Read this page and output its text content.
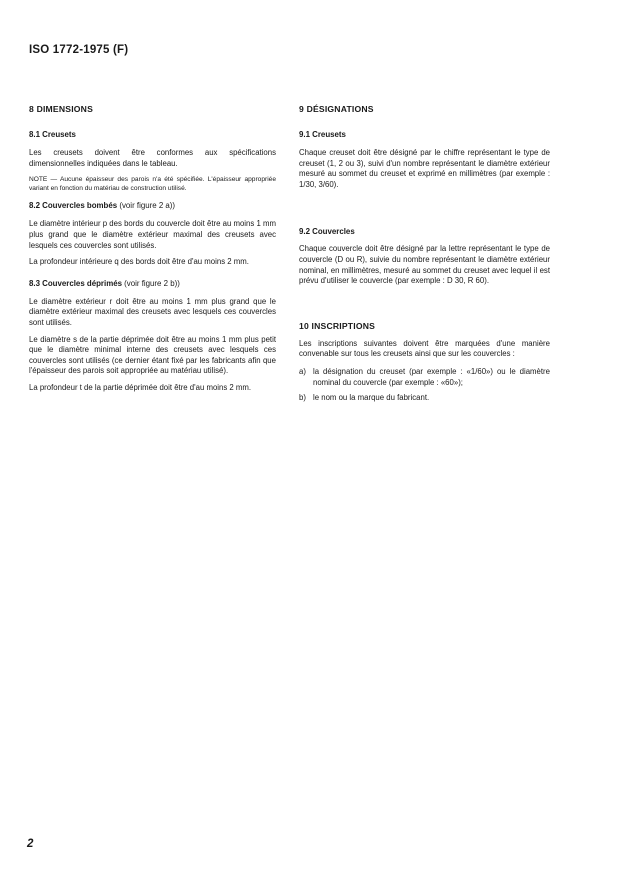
ISO 1772-1975 (F)
8 DIMENSIONS
8.1 Creusets

Les creusets doivent être conformes aux spécifications dimensionnelles indiquées dans le tableau.

NOTE — Aucune épaisseur des parois n'a été spécifiée. L'épaisseur appropriée variant en fonction du matériau de construction utilisé.

8.2 Couvercles bombés (voir figure 2 a))

Le diamètre intérieur p des bords du couvercle doit être au moins 1 mm plus grand que le diamètre extérieur maximal des creusets avec lesquels ces couvercles sont utilisés.

La profondeur intérieure q des bords doit être d'au moins 2 mm.

8.3 Couvercles déprimés (voir figure 2 b))

Le diamètre extérieur r doit être au moins 1 mm plus grand que le diamètre extérieur maximal des creusets avec lesquels ces couvercles sont utilisés.

Le diamètre s de la partie déprimée doit être au moins 1 mm plus petit que le diamètre minimal interne des creusets avec lesquels ces couvercles sont utilisés (ce dernier étant fixé par les fabricants afin que l'épaisseur des parois soit appropriée au matériau utilisé).

La profondeur t de la partie déprimée doit être d'au moins 2 mm.

9 DÉSIGNATIONS
9.1 Creusets

Chaque creuset doit être désigné par le chiffre représentant le type de creuset (1, 2 ou 3), suivi d'un nombre représentant le diamètre extérieur mesuré au sommet du creuset et exprimé en millimètres (par exemple : 1/30, 3/60).

9.2 Couvercles

Chaque couvercle doit être désigné par la lettre représentant le type de couvercle (D ou R), suivie du nombre représentant le diamètre extérieur nominal, en millimètres, mesuré au sommet du creuset avec lequel il est prévu d'utiliser le couvercle (par exemple : D 30, R 60).

10 INSCRIPTIONS

Les inscriptions suivantes doivent être marquées d'une manière convenable sur tous les creusets ainsi que sur les couvercles :

a) la désignation du creuset (par exemple : «1/60») ou le diamètre nominal du couvercle (par exemple : «60»);
b) le nom ou la marque du fabricant.
2
